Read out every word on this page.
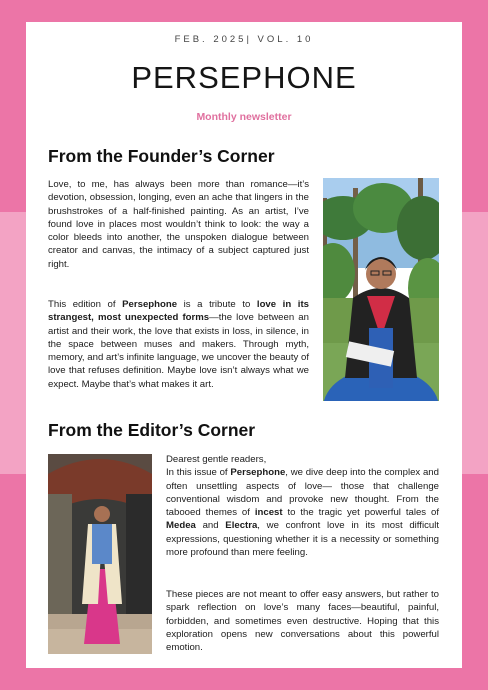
FEB. 2025| VOL. 10
PERSEPHONE
Monthly newsletter
From the Founder’s Corner

Love, to me, has always been more than romance—it’s devotion, obsession, longing, even an ache that lingers in the brushstrokes of a half-finished painting. As an artist, I’ve found love in places most wouldn’t think to look: the way a color bleeds into another, the unspoken dialogue between creator and canvas, the intimacy of a subject captured just right.

This edition of Persephone is a tribute to love in its strangest, most unexpected forms—the love between an artist and their work, the love that exists in loss, in silence, in the space between muses and makers. Through myth, memory, and art’s infinite language, we uncover the beauty of love that refuses definition. Maybe love isn’t always what we expect. Maybe that’s what makes it art.

From the Editor’s Corner

Dearest gentle readers,
In this issue of Persephone, we dive deep into the complex and often unsettling aspects of love— those that challenge conventional wisdom and provoke new thought. From the tabooed themes of incest to the tragic yet powerful tales of Medea and Electra, we confront love in its most difficult expressions, questioning whether it is a necessity or something more profound than mere feeling.

These pieces are not meant to offer easy answers, but rather to spark reflection on love’s many faces—beautiful, painful, forbidden, and sometimes even destructive. Hoping that this exploration opens new conversations about this powerful emotion.
